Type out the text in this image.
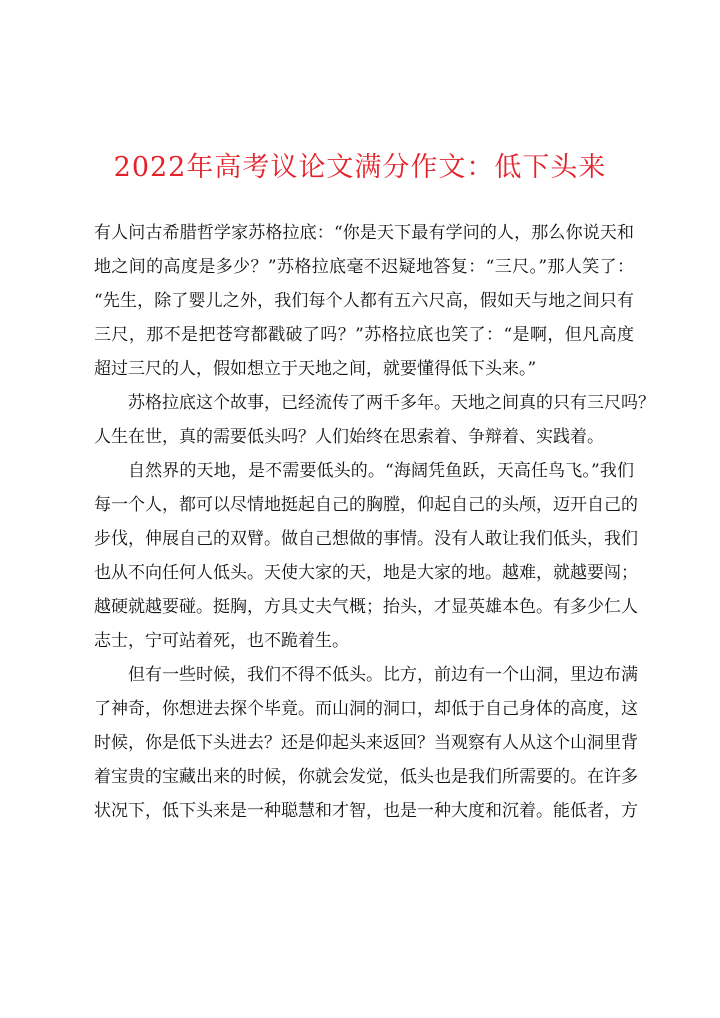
2022年高考议论文满分作文：低下头来
有人问古希腊哲学家苏格拉底：“你是天下最有学问的人，那么你说天和
地之间的高度是多少？”苏格拉底毫不迟疑地答复：“三尺。”那人笑了：
“先生，除了婴儿之外，我们每个人都有五六尺高，假如天与地之间只有
三尺，那不是把苍穹都戳破了吗？”苏格拉底也笑了：“是啊，但凡高度
超过三尺的人，假如想立于天地之间，就要懂得低下头来。”
苏格拉底这个故事，已经流传了两千多年。天地之间真的只有三尺吗？
人生在世，真的需要低头吗？人们始终在思索着、争辩着、实践着。
自然界的天地，是不需要低头的。“海阔凭鱼跃，天高任鸟飞。”我们
每一个人，都可以尽情地挺起自己的胸膛，仰起自己的头颅，迈开自己的
步伐，伸展自己的双臂。做自己想做的事情。没有人敢让我们低头，我们
也从不向任何人低头。天使大家的天，地是大家的地。越难，就越要闯；
越硬就越要碰。挺胸，方具丈夫气概；抬头，才显英雄本色。有多少仁人
志士，宁可站着死，也不跪着生。
但有一些时候，我们不得不低头。比方，前边有一个山洞，里边布满
了神奇，你想进去探个毕竟。而山洞的洞口，却低于自己身体的高度，这
时候，你是低下头进去？还是仰起头来返回？当观察有人从这个山洞里背
着宝贵的宝藏出来的时候，你就会发觉，低头也是我们所需要的。在许多
状况下，低下头来是一种聪慧和才智，也是一种大度和沉着。能低者，方
